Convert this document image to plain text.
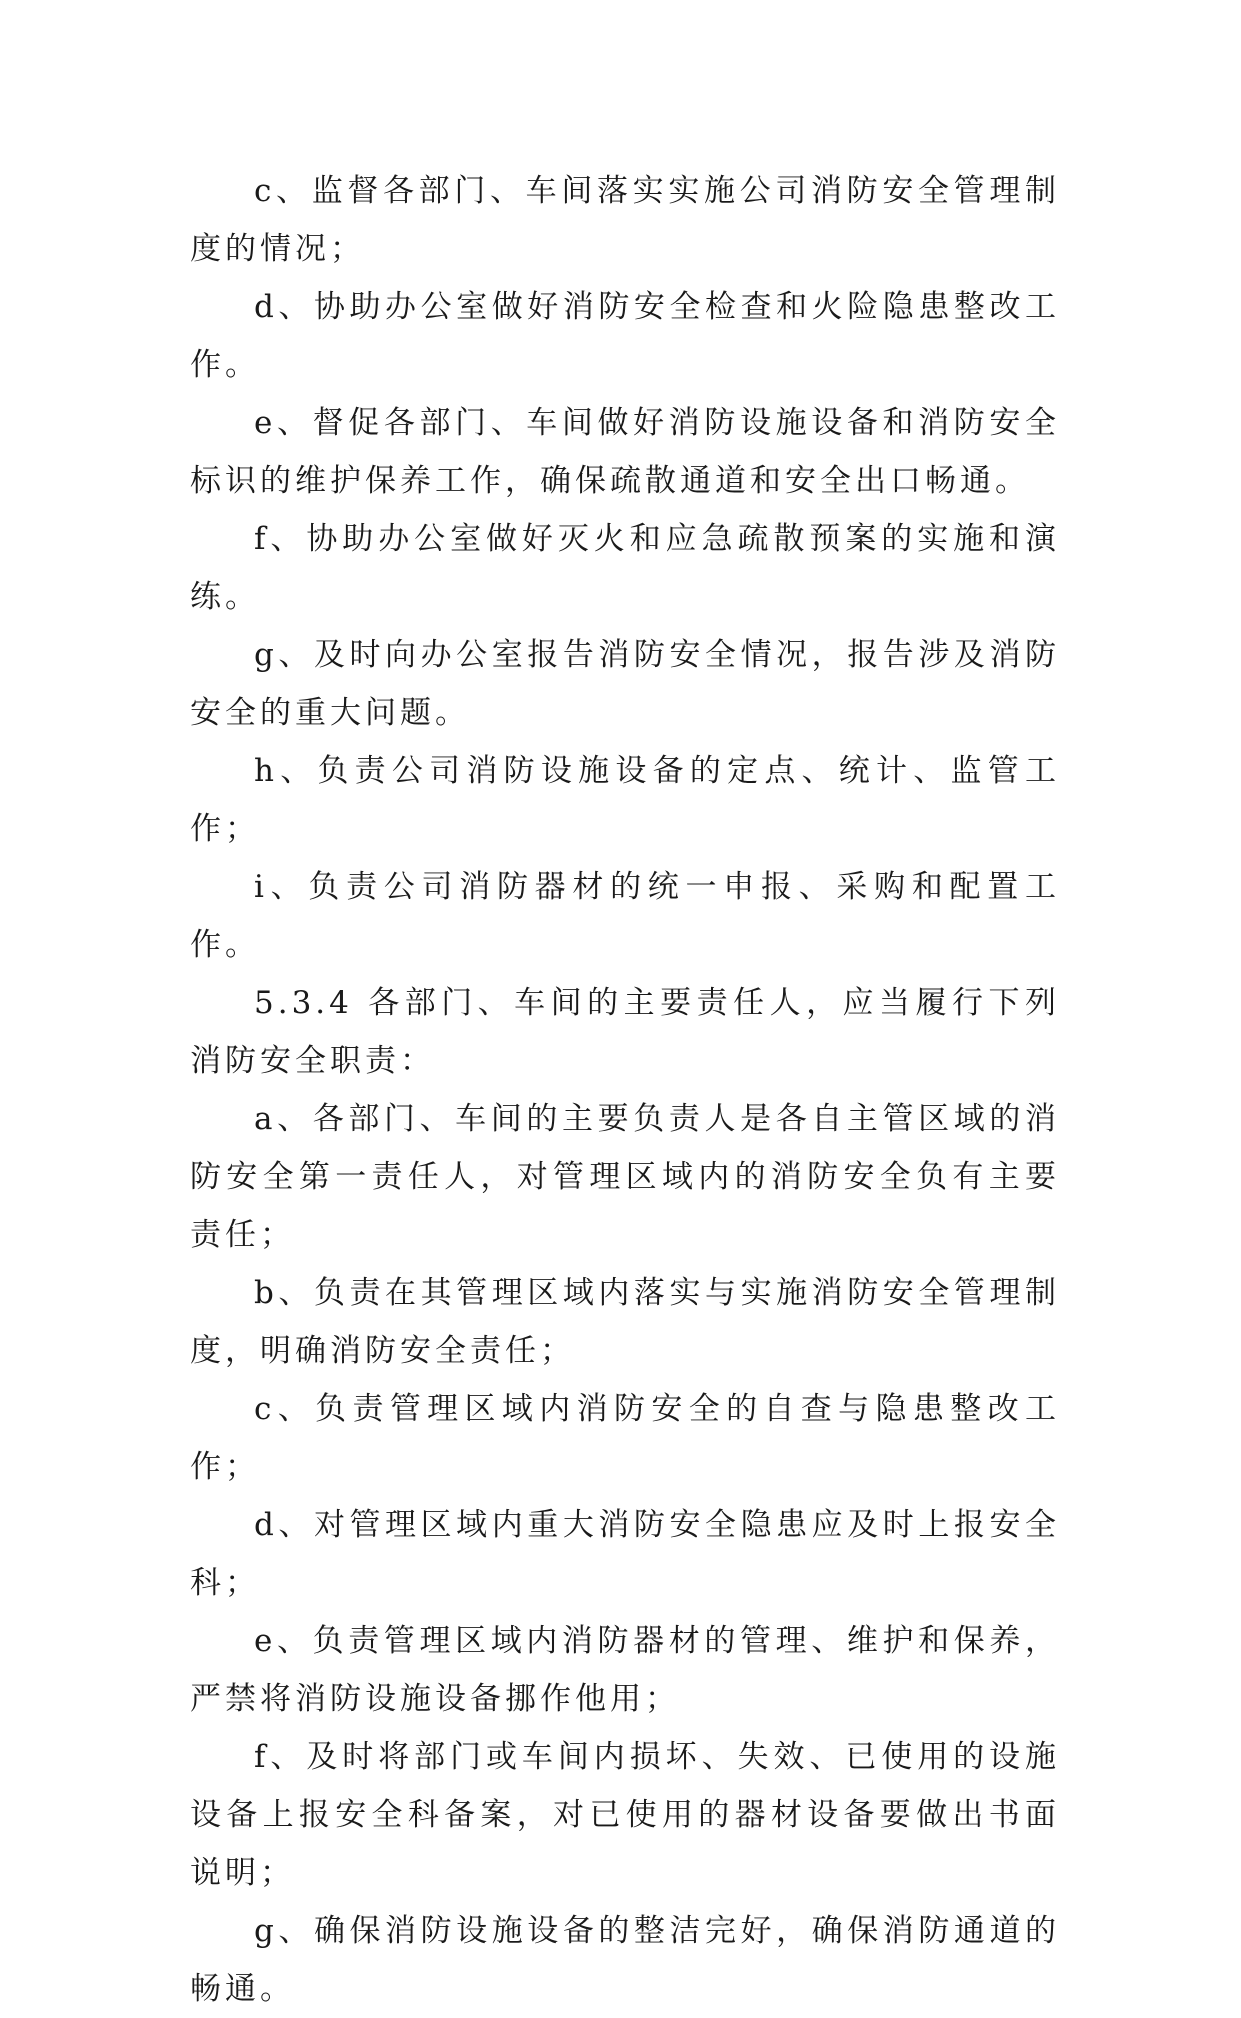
c、监督各部门、车间落实实施公司消防安全管理制度的情况；

d、协助办公室做好消防安全检查和火险隐患整改工作。

e、督促各部门、车间做好消防设施设备和消防安全标识的维护保养工作，确保疏散通道和安全出口畅通。

f、协助办公室做好灭火和应急疏散预案的实施和演练。

g、及时向办公室报告消防安全情况，报告涉及消防安全的重大问题。

h、负责公司消防设施设备的定点、统计、监管工作；

i、负责公司消防器材的统一申报、采购和配置工作。

5.3.4 各部门、车间的主要责任人，应当履行下列消防安全职责：

a、各部门、车间的主要负责人是各自主管区域的消防安全第一责任人，对管理区域内的消防安全负有主要责任；

b、负责在其管理区域内落实与实施消防安全管理制度，明确消防安全责任；

c、负责管理区域内消防安全的自查与隐患整改工作；

d、对管理区域内重大消防安全隐患应及时上报安全科；

e、负责管理区域内消防器材的管理、维护和保养，严禁将消防设施设备挪作他用；

f、及时将部门或车间内损坏、失效、已使用的设施设备上报安全科备案，对已使用的器材设备要做出书面说明；

g、确保消防设施设备的整洁完好，确保消防通道的畅通。
